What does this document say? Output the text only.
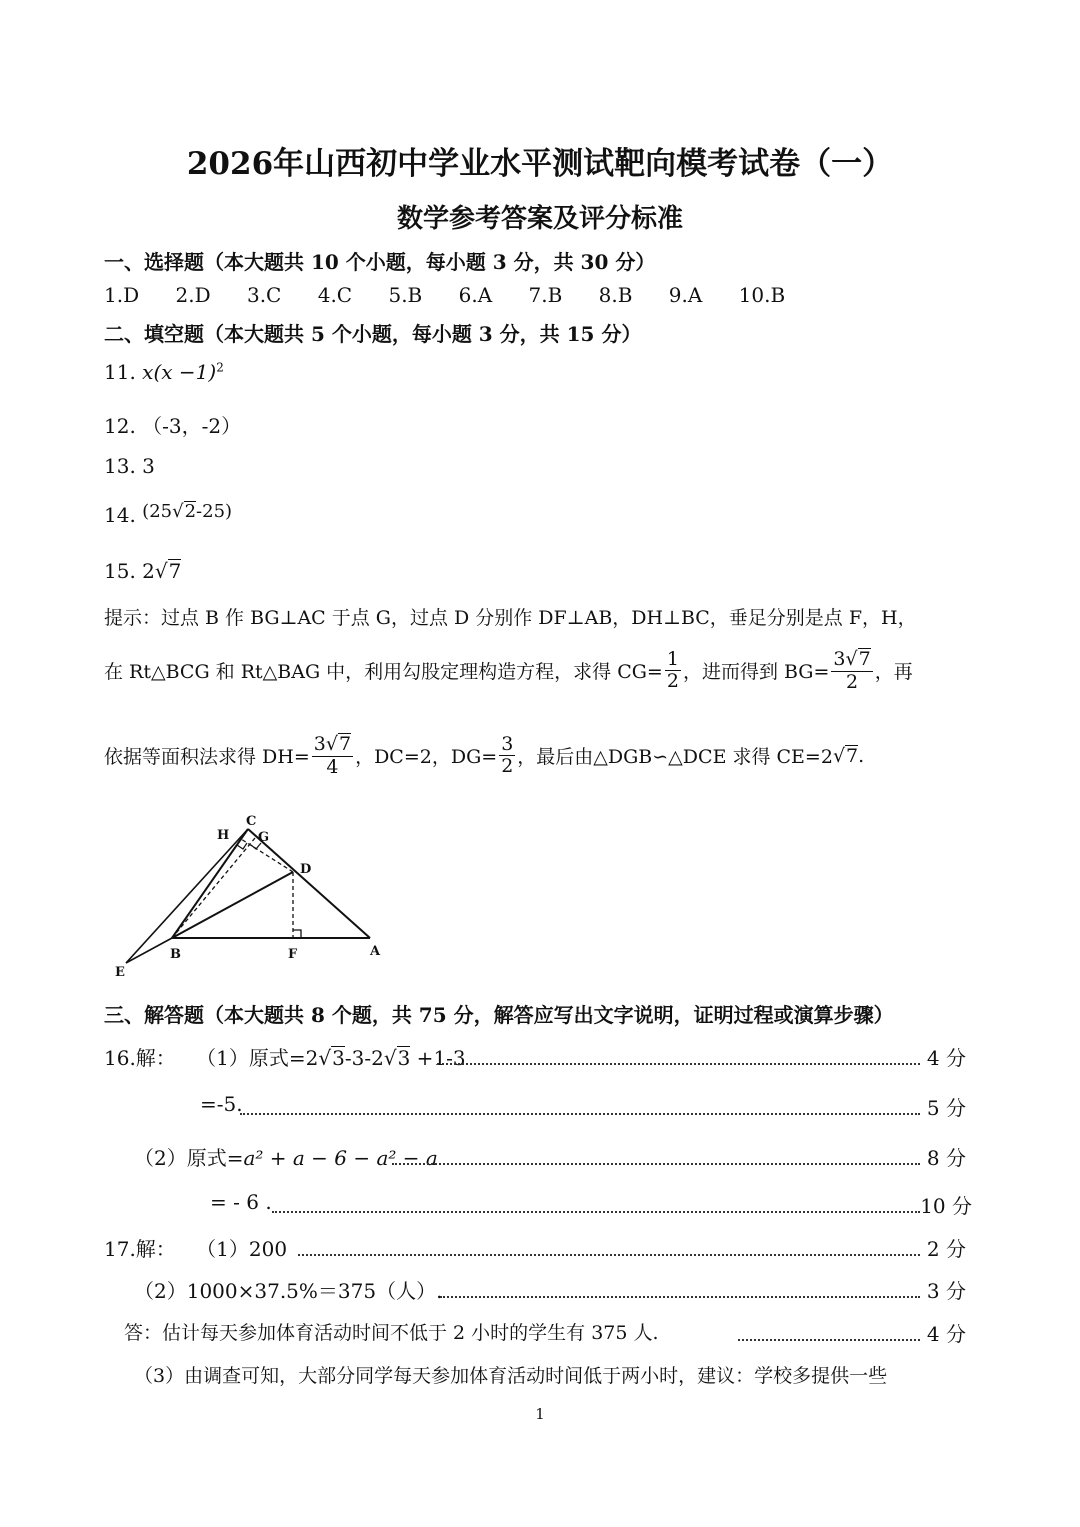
2026年山西初中学业水平测试靶向模考试卷（一）
数学参考答案及评分标准
一、选择题（本大题共 10 个小题，每小题 3 分，共 30 分）
1.D 2.D 3.C 4.C 5.B 6.A 7.B 8.B 9.A 10.B
二、填空题（本大题共 5 个小题，每小题 3 分，共 15 分）
11. $x(x -1)^2$
12. （-3，-2）
13. 3
14. (25√2-25)
15. 2√7
提示：过点 B 作 BG⊥AC 于点 G，过点 D 分别作 DF⊥AB，DH⊥BC，垂足分别是点 F，H，
在 Rt△BCG 和 Rt△BAG 中，利用勾股定理构造方程，求得 $CG= \frac{1}{2}$ ，进而得到 $BG= \frac{3√7}{2}$ ，再
依据等面积法求得 $DH= \frac{3√7}{4}$ ，DC=2，$DG= \frac{3}{2}$ ，最后由△DGB∽△DCE 求得 CE=2 √ 7 .
C
H G
D
B	F	A
E
三、解答题（本大题共 8 个题，共 75 分，解答应写出文字说明，证明过程或演算步骤）
16.解： （1）原式=2√3-3-2√3 +1-3	4 分
=-5.	5 分
（2）原式=a² + a − 6 − a² − a	8 分
= - 6 .	10 分
17.解： （1）200	2 分
（2）1000×37.5%＝375（人）.	3 分
答：估计每天参加体育活动时间不低于 2 小时的学生有 375 人.	4 分
（3）由调查可知，大部分同学每天参加体育活动时间低于两小时，建议：学校多提供一些
1
